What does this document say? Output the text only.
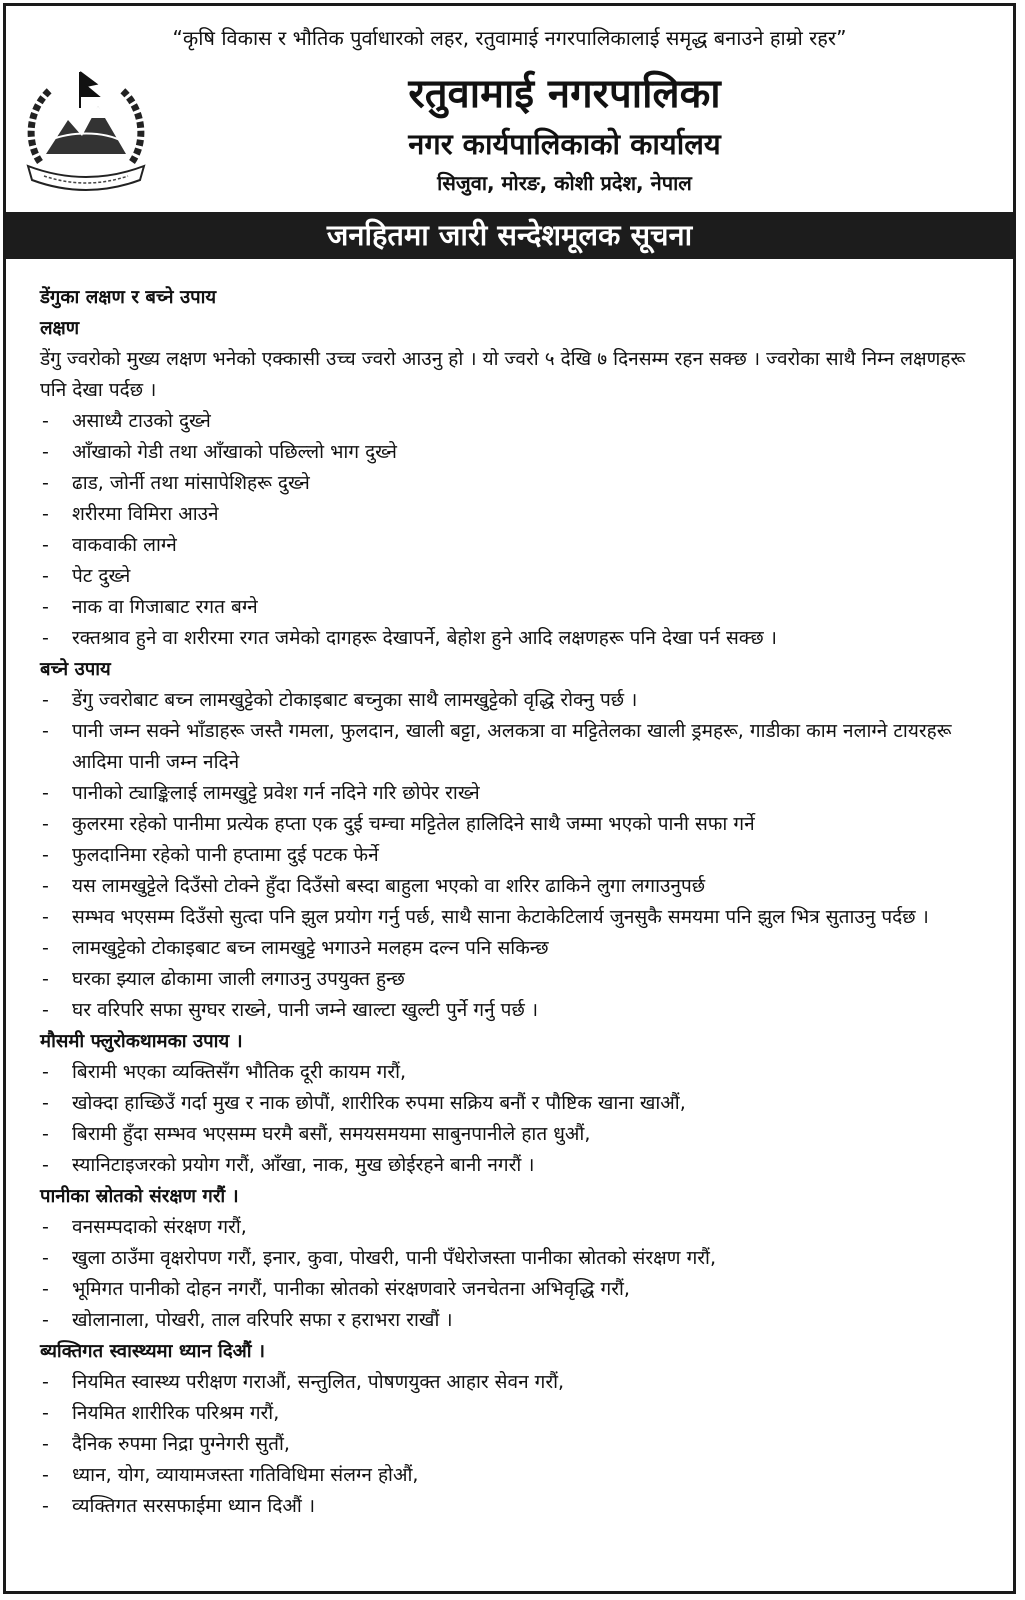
“कृषि विकास र भौतिक पुर्वाधारको लहर, रतुवामाई नगरपालिकालाई समृद्ध बनाउने हाम्रो रहर”
रतुवामाई नगरपालिका
नगर कार्यपालिकाको कार्यालय
सिजुवा, मोरङ, कोशी प्रदेश, नेपाल
जनहितमा जारी सन्देशमूलक सूचना
डेंगुका लक्षण र बच्ने उपाय
लक्षण
डेंगु ज्वरोको मुख्य लक्षण भनेको एक्कासी उच्च ज्वरो आउनु हो । यो ज्वरो ५ देखि ७ दिनसम्म रहन सक्छ । ज्वरोका साथै निम्न लक्षणहरू पनि देखा पर्दछ ।
- असाध्यै टाउको दुख्ने
- आँखाको गेडी तथा आँखाको पछिल्लो भाग दुख्ने
- ढाड, जोर्नी तथा मांसापेशिहरू दुख्ने
- शरीरमा विमिरा आउने
- वाकवाकी लाग्ने
- पेट दुख्ने
- नाक वा गिजाबाट रगत बग्ने
- रक्तश्राव हुने वा शरीरमा रगत जमेको दागहरू देखापर्ने, बेहोश हुने आदि लक्षणहरू पनि देखा पर्न सक्छ ।
बच्ने उपाय
- डेंगु ज्वरोबाट बच्न लामखुट्टेको टोकाइबाट बच्नुका साथै लामखुट्टेको वृद्धि रोक्नु पर्छ ।
- पानी जम्न सक्ने भाँडाहरू जस्तै गमला, फुलदान, खाली बट्टा, अलकत्रा वा मट्टितेलका खाली ड्रमहरू, गाडीका काम नलाग्ने टायरहरू आदिमा पानी जम्न नदिने
- पानीको ट्याङ्किलाई लामखुट्टे प्रवेश गर्न नदिने गरि छोपेर राख्ने
- कुलरमा रहेको पानीमा प्रत्येक हप्ता एक दुई चम्चा मट्टितेल हालिदिने साथै जम्मा भएको पानी सफा गर्ने
- फुलदानिमा रहेको पानी हप्तामा दुई पटक फेर्ने
- यस लामखुट्टेले दिउँसो टोक्ने हुँदा दिउँसो बस्दा बाहुला भएको वा शरिर ढाकिने लुगा लगाउनुपर्छ
- सम्भव भएसम्म दिउँसो सुत्दा पनि झुल प्रयोग गर्नु पर्छ, साथै साना केटाकेटिलार्य जुनसुकै समयमा पनि झुल भित्र सुताउनु पर्दछ ।
- लामखुट्टेको टोकाइबाट बच्न लामखुट्टे भगाउने मलहम दल्न पनि सकिन्छ
- घरका झ्याल ढोकामा जाली लगाउनु उपयुक्त हुन्छ
- घर वरिपरि सफा सुग्घर राख्ने, पानी जम्ने खाल्टा खुल्टी पुर्ने गर्नु पर्छ ।
मौसमी फ्लुरोकथामका उपाय ।
- बिरामी भएका व्यक्तिसँग भौतिक दूरी कायम गरौं,
- खोक्दा हाच्छिउँ गर्दा मुख र नाक छोपौं, शारीरिक रुपमा सक्रिय बनौं र पौष्टिक खाना खाऔं,
- बिरामी हुँदा सम्भव भएसम्म घरमै बसौं, समयसमयमा साबुनपानीले हात धुऔं,
- स्यानिटाइजरको प्रयोग गरौं, आँखा, नाक, मुख छोईरहने बानी नगरौं ।
पानीका स्रोतको संरक्षण गरौं ।
- वनसम्पदाको संरक्षण गरौं,
- खुला ठाउँमा वृक्षरोपण गरौं, इनार, कुवा, पोखरी, पानी पँधेरोजस्ता पानीका स्रोतको संरक्षण गरौं,
- भूमिगत पानीको दोहन नगरौं, पानीका स्रोतको संरक्षणवारे जनचेतना अभिवृद्धि गरौं,
- खोलानाला, पोखरी, ताल वरिपरि सफा र हराभरा राखौं ।
ब्यक्तिगत स्वास्थ्यमा ध्यान दिऔं ।
- नियमित स्वास्थ्य परीक्षण गराऔं, सन्तुलित, पोषणयुक्त आहार सेवन गरौं,
- नियमित शारीरिक परिश्रम गरौं,
- दैनिक रुपमा निद्रा पुग्नेगरी सुतौं,
- ध्यान, योग, व्यायामजस्ता गतिविधिमा संलग्न होऔं,
- व्यक्तिगत सरसफाईमा ध्यान दिऔं ।
